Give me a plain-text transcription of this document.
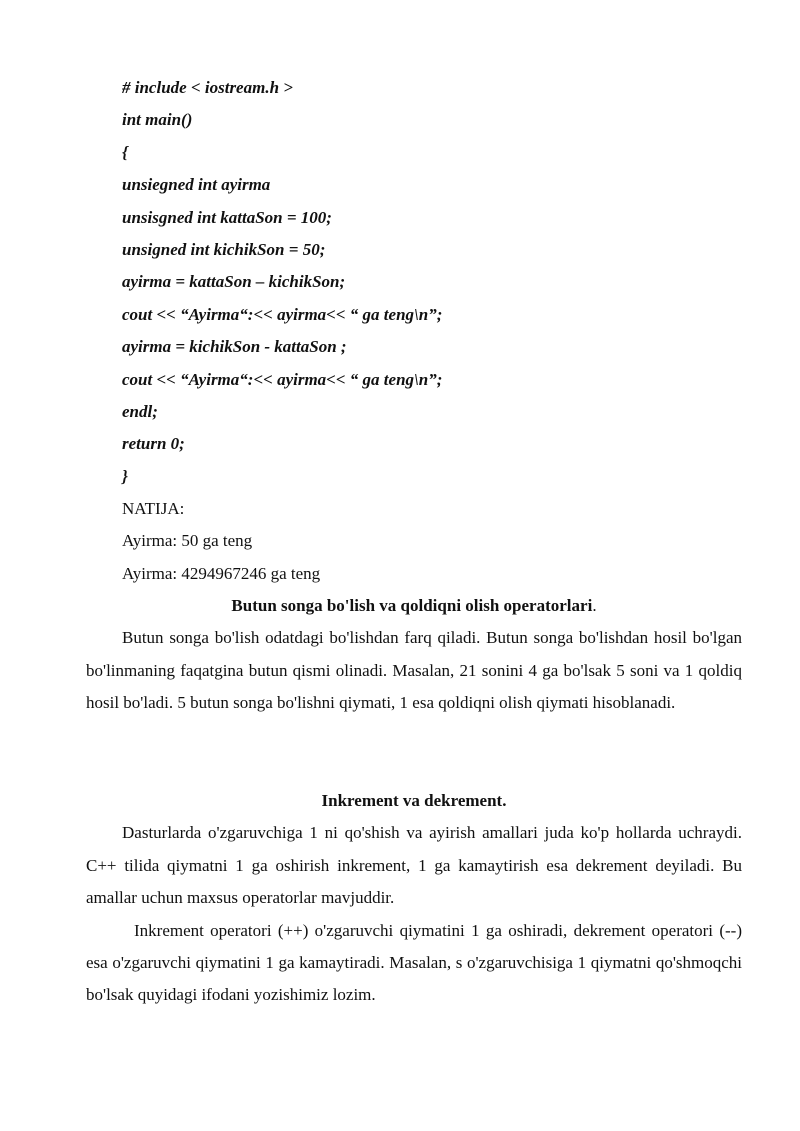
# include < iostream.h >
int main()
{
unsiegned int ayirma
unsisgned int kattaSon = 100;
unsigned int kichikSon = 50;
ayirma = kattaSon – kichikSon;
cout << “Ayirma“:<< ayirma<< “ ga teng\n”;
ayirma = kichikSon - kattaSon ;
cout << “Ayirma“:<< ayirma<< “ ga teng\n”;
endl;
return 0;
}
NATIJA:
Ayirma: 50 ga teng
Ayirma: 4294967246 ga teng
Butun songa bo'lish va qoldiqni olish operatorlari.

Butun songa bo'lish odatdagi bo'lishdan farq qiladi. Butun songa bo'lishdan hosil bo'lgan bo'linmaning faqatgina butun qismi olinadi. Masalan, 21 sonini 4 ga bo'lsak 5 soni va 1 qoldiq hosil bo'ladi. 5 butun songa bo'lishni qiymati, 1 esa qoldiqni olish qiymati hisoblanadi.

Inkrement va dekrement.

Dasturlarda o'zgaruvchiga 1 ni qo'shish va ayirish amallari juda ko'p hollarda uchraydi. C++ tilida qiymatni 1 ga oshirish inkrement, 1 ga kamaytirish esa dekrement deyiladi. Bu amallar uchun maxsus operatorlar mavjuddir.

Inkrement operatori (++) o'zgaruvchi qiymatini 1 ga oshiradi, dekrement operatori (--) esa o'zgaruvchi qiymatini 1 ga kamaytiradi. Masalan, s o'zgaruvchisiga 1 qiymatni qo'shmoqchi bo'lsak quyidagi ifodani yozishimiz lozim.
